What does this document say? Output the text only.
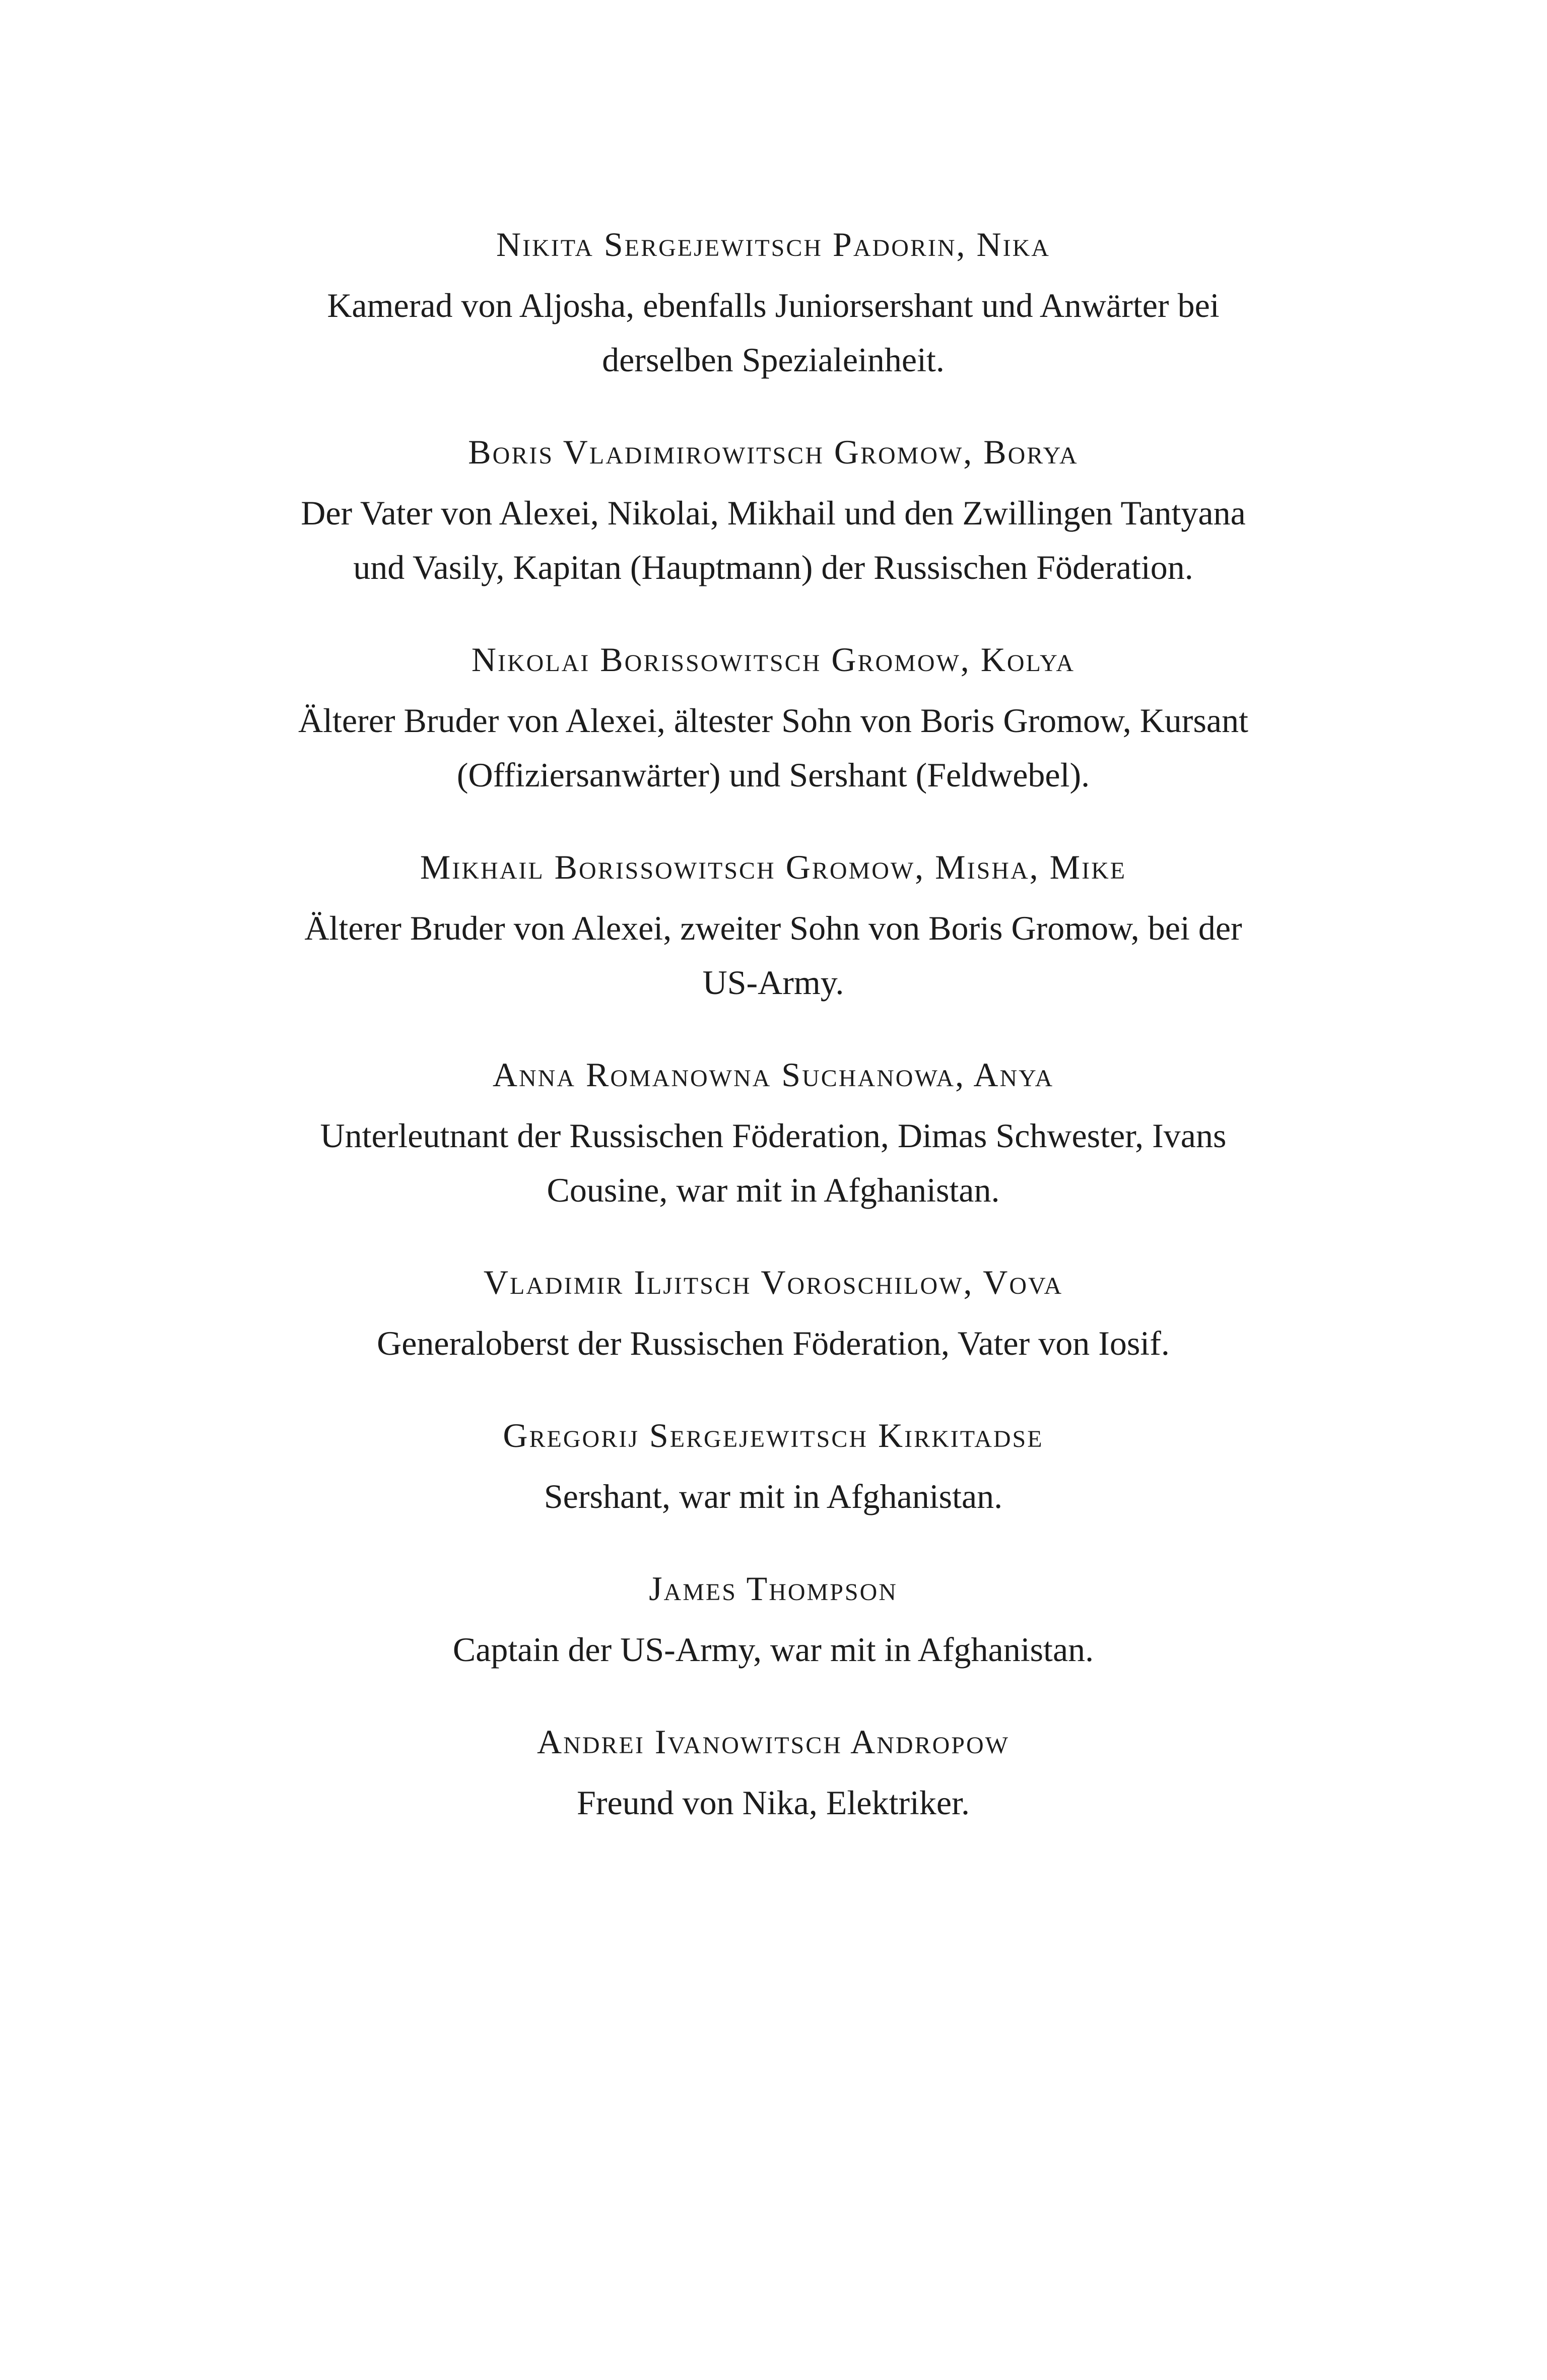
Nikita Sergejewitsch Padorin, Nika

Kamerad von Aljosha, ebenfalls Juniorsershant und Anwärter bei derselben Spezialeinheit.

Boris Vladimirowitsch Gromow, Borya

Der Vater von Alexei, Nikolai, Mikhail und den Zwillingen Tantyana und Vasily, Kapitan (Hauptmann) der Russischen Föderation.

Nikolai Borissowitsch Gromow, Kolya

Älterer Bruder von Alexei, ältester Sohn von Boris Gromow, Kursant (Offiziersanwärter) und Sershant (Feldwebel).

Mikhail Borissowitsch Gromow, Misha, Mike

Älterer Bruder von Alexei, zweiter Sohn von Boris Gromow, bei der US-Army.

Anna Romanowna Suchanowa, Anya

Unterleutnant der Russischen Föderation, Dimas Schwester, Ivans Cousine, war mit in Afghanistan.

Vladimir Iljitsch Voroschilow, Vova

Generaloberst der Russischen Föderation, Vater von Iosif.

Gregorij Sergejewitsch Kirkitadse

Sershant, war mit in Afghanistan.

James Thompson

Captain der US-Army, war mit in Afghanistan.

Andrei Ivanowitsch Andropow

Freund von Nika, Elektriker.
